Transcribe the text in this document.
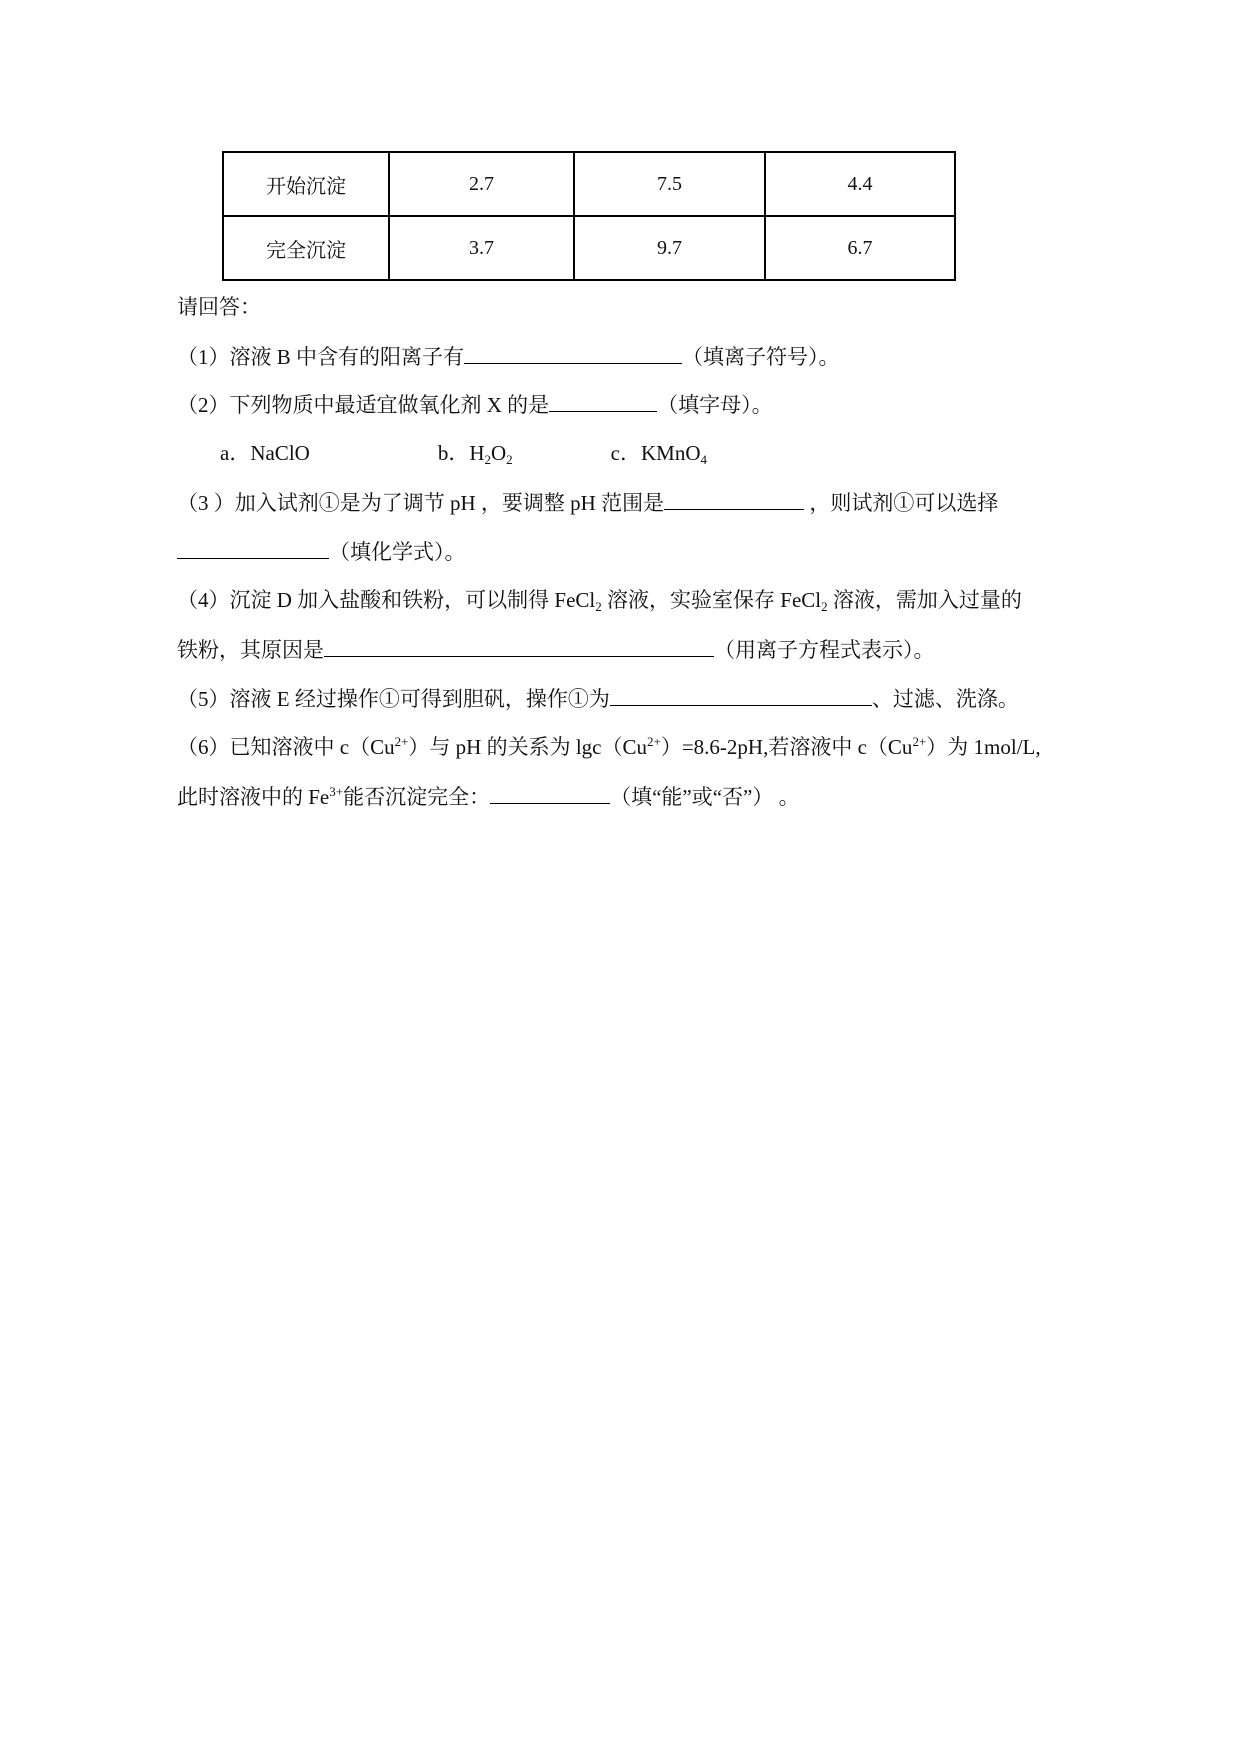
开始沉淀	2.7	7.5	4.4
完全沉淀	3.7	9.7	6.7
请回答：
（1）溶液 B 中含有的阳离子有	（填离子符号）。
（2）下列物质中最适宜做氧化剂 X 的是	（填字母）。
a．NaClO	b．$H_2O_2$	c．KMnO$_4$
（3 ）加入试剂①是为了调节 pH ，要调整 pH 范围是	，则试剂①可以选择
（填化学式）。
（4）沉淀 D 加入盐酸和铁粉，可以制得 FeCl$_2$ 溶液，实验室保存 FeCl$_2$ 溶液，需加入过量的
铁粉，其原因是	（用离子方程式表示）。
（5）溶液 E 经过操作①可得到胆矾，操作①为	、过滤、洗涤。
（6）已知溶液中 $c(Cu^{2+})$与 pH 的关系为 $\lg c(Cu^{2+})=8.6-2pH$,若溶液中 $c(Cu^{2+})$为 1mol/L,
此时溶液中的 $Fe^{3+}$能否沉淀完全：	（填“能”或“否”） 。
